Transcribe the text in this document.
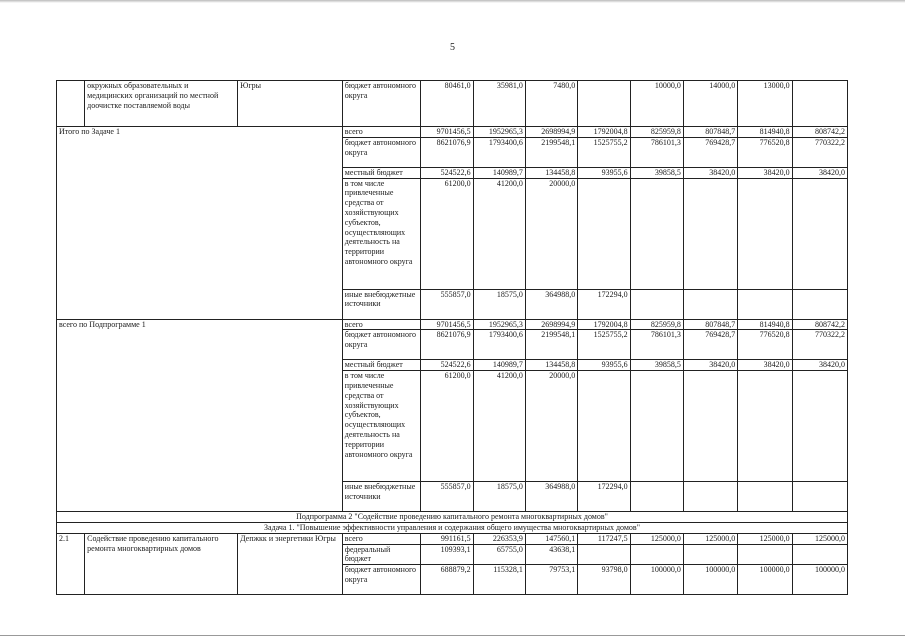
5
	окружных образовательных и медицинских организаций по местной доочистке поставляемой воды	Югры	бюджет автономного округа	80461,0	35981,0	7480,0		10000,0	14000,0	13000,0	
Итого по Задаче 1			всего	9701456,5	1952965,3	2698994,9	1792004,8	825959,8	807848,7	814940,8	808742,2
			бюджет автономного округа	8621076,9	1793400,6	2199548,1	1525755,2	786101,3	769428,7	776520,8	770322,2
			местный бюджет	524522,6	140989,7	134458,8	93955,6	39858,5	38420,0	38420,0	38420,0
			в том числе привлеченные средства от хозяйствующих субъектов, осуществляющих деятельность на территории автономного округа	61200,0	41200,0	20000,0					
			иные внебюджетные источники	555857,0	18575,0	364988,0	172294,0				
всего по Подпрограмме 1			всего	9701456,5	1952965,3	2698994,9	1792004,8	825959,8	807848,7	814940,8	808742,2
			бюджет автономного округа	8621076,9	1793400,6	2199548,1	1525755,2	786101,3	769428,7	776520,8	770322,2
			местный бюджет	524522,6	140989,7	134458,8	93955,6	39858,5	38420,0	38420,0	38420,0
			в том числе привлеченные средства от хозяйствующих субъектов, осуществляющих деятельность на территории автономного округа	61200,0	41200,0	20000,0					
			иные внебюджетные источники	555857,0	18575,0	364988,0	172294,0				
Подпрограмма 2 "Содействие проведению капитального ремонта многоквартирных домов"											
Задача 1. "Повышение эффективности управления и содержания общего имущества многоквартирных домов"											
2.1	Содействие проведению капитального ремонта многоквартирных домов	Депжкк и энергетики Югры	всего	991161,5	226353,9	147560,1	117247,5	125000,0	125000,0	125000,0	125000,0
			федеральный бюджет	109393,1	65755,0	43638,1					
			бюджет автономного округа	688879,2	115328,1	79753,1	93798,0	100000,0	100000,0	100000,0	100000,0
